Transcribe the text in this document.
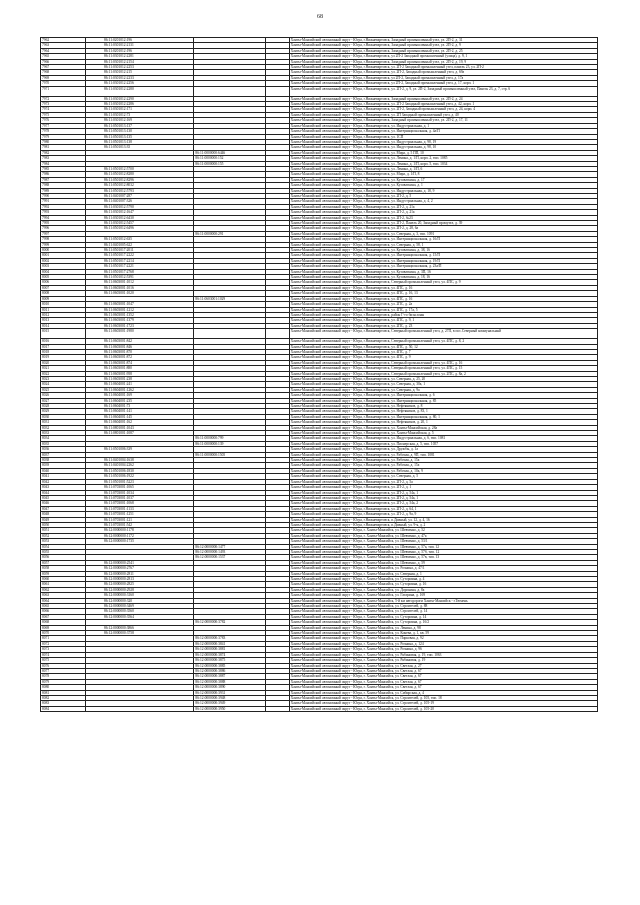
68
7962	86:11:0201012:196			Ханты-Мансийский автономный округ - Югра, г.Нижневартовск, Западный промышленный узел, ул. 2П-2, д. 31
7963	86:11:0301012:2131			Ханты-Мансийский автономный округ - Югра, г.Нижневартовск, Западный промышленный узел, ул. 2П-2, д. 9
7964	86:11:0201012:196			Ханты-Мансийский автономный округ - Югра, г.Нижневартовск, Западный промышленный узел, ул. 2П-2, д. 25
7965	86:11:0301012:2281			Ханты-Мансийский автономный округ - Югра, г.Нижневартовск, ул 2П-2 Западный промышленный (улица), д. 9, 1
7966	86:11:0301012:2154			Ханты-Мансийский автономный округ - Югра, г.Нижневартовск, Западный промышленный узел, ул. 2П-2, д. 19, 9
7967	86:11:0301012:2253			Ханты-Мансийский автономный округ - Югра, г.Нижневартовск, ул. 2П-2 Западный промышленный узел, панель 23, ул. 2П-2
7968	86:11:0301012:215			Ханты-Мансийский автономный округ - Югра, г.Нижневартовск, ул. 2П-2, Западный промышленный узел, д. 69а
7969	86:11:0301012:2233			Ханты-Мансийский автономный округ - Югра, г.Нижневартовск, ул 2П-2, Западный промышленный узел, д. 17а
7970	86:11:0301012:2256			Ханты-Мансийский автономный округ - Югра, г.Нижневартовск, ул 2П-2, Западный промышленный узел, д. 17, корп. 1
7971	86:11:0301012:2280			Ханты-Мансийский автономный округ - Югра, г.Нижневартовск, ул. 2П-2, д. 9, ул. 2П-2, Западный промышленный узел, Панель 23, д. 7, стр. 6
7972	86:11:0301012:2290			Ханты-Мансийский автономный округ - Югра, г.Нижневартовск, Западный промышленный узел, ул. 2П-2, д. 24
7973	86:11:0301012:2286			Ханты-Мансийский автономный округ - Югра, г.Нижневартовск, ул. 2П-2 Западный промышленный узел, д. 42, корп. 1
7974	86:11:0301012:171			Ханты-Мансийский автономный округ - Югра, г.Нижневартовск, ул. 2П-2, Западный промышленный узел, д. 24, корп. 4
7975	86:11:0301012:73			Ханты-Мансийский автономный округ - Югра, г.Нижневартовск, ул. 2П Западный промышленный узел, д. 40
7976	86:11:0301012:169			Ханты-Мансийский автономный округ - Югра, г.Нижневартовск, Западный промышленный узел, ул. 2П-2, д. 17, 11
7977	86:11:0501013:137			Ханты-Мансийский автономный округ - Югра, г.Нижневартовск, ул. Индустриальная, д. 1
7978	86:11:0501013:130			Ханты-Мансийский автономный округ - Югра, г.Нижневартовск, ул. Интернациональная, д. 4а/П
7979	86:11:0501013:135			Ханты-Мансийский автономный округ - Югра, г.Нижневартовск, ул. 1СП
7980	86:11:0501013:138			Ханты-Мансийский автономный округ - Югра, г.Нижневартовск, ул. Индустриальная, д. 98, 19
7981	86:11:0501013:35			Ханты-Мансийский автономный округ - Югра, г.Нижневартовск, ул. Индустриальная, д. 98, 10
7982		86:11:0000000:6446		Ханты-Мансийский автономный округ - Югра, г.Нижневартовск, ул. Мира, д. 5 ПП, 10
7983		86:11:0000000:152		Ханты-Мансийский автономный округ - Югра, г.Нижневартовск, ул. Ленина, д. 1/П, корп. 2, тип. 1085
7984		86:11:0000000:155		Ханты-Мансийский автономный округ - Югра, г.Нижневартовск, ул. Ленина, д. 1/П, корп. 5, тип. 1034
7985	86:11:0501012:5700			Ханты-Мансийский автономный округ - Югра, г.Нижневартовск, ул. Ленина, д. 1/П, 6
7986	86:11:0501012:8280			Ханты-Мансийский автономный округ - Югра, г.Нижневартовск, ул. Мира, д. 1/П, 8
7987	86:11:0501012:8296			Ханты-Мансийский автономный округ - Югра, г.Нижневартовск, ул. Кузоваткина, д. 17
7988	86:11:0501012:8032			Ханты-Мансийский автономный округ - Югра, г.Нижневартовск, ул. Кузоваткина, д. 1
7989	86:11:0501012:5793			Ханты-Мансийский автономный округ - Югра, г.Нижневартовск, ул. Индустриальная, д. 18, 9
7990	86:11:0401007:287			Ханты-Мансийский автономный округ - Югра, г.Нижневартовск, ул. 2П-2, д. 5
7991	86:11:0401007:326			Ханты-Мансийский автономный округ - Югра, г.Нижневартовск, ул. Индустриальная, д. 4, 2
7992	86:11:0301012:5790			Ханты-Мансийский автономный округ - Югра, г.Нижневартовск, ул. 2П-2, д. 21а
7993	86:11:0301012:1647			Ханты-Мансийский автономный округ - Югра, г.Нижневартовск, ул. 2П-2, д. 21а
7994	86:11:0301012:6430			Ханты-Мансийский автономный округ - Югра, г.Нижневартовск, ул. 2П-2, №23
7995	86:11:0301012:5457			Ханты-Мансийский автономный округ - Югра, г.Нижневартовск, ул. 2П-2, Панель 20, Западный промузел, д. 39
7996	86:11:0501012:6496			Ханты-Мансийский автономный округ - Югра, г.Нижневартовск, ул. 2П-2, д. 28, 6а
7997		86:11:0000000:291		Ханты-Мансийский автономный округ - Югра, г.Нижневартовск, ул. Северная, д. 3, тип. 1091
7998	86:11:0501012:635			Ханты-Мансийский автономный округ - Югра, г.Нижневартовск, ул. Интернациональная, д. 16/П
7999	86:11:0401005:622			Ханты-Мансийский автономный округ - Югра, г.Нижневартовск, ул. Северная, д. 58, 1
8000	86:11:0501017:2011			Ханты-Мансийский автономный округ - Югра, г.Нижневартовск, ул. Кузоваткина, д. 38, 16
8001	86:11:0501017:2222			Ханты-Мансийский автономный округ - Югра, г.Нижневартовск, ул. Интернациональная, д. 15/П
8002	86:11:0501017:2214			Ханты-Мансийский автономный округ - Югра, г.Нижневартовск, ул. Интернациональная, д. 19/П
8003	86:11:0501017:2221			Ханты-Мансийский автономный округ - Югра, г.Нижневартовск, ул. Интернациональная, д. 23а/П
8004	86:11:0501017:2768			Ханты-Мансийский автономный округ - Югра, г.Нижневартовск, ул. Кузоваткина, д. 3П, 16
8005	86:11:0501012:5391			Ханты-Мансийский автономный округ - Югра, г.Нижневартовск, ул. Кузоваткина, д. 18, 16
8006	86:11:0603001:1012			Ханты-Мансийский автономный округ - Югра, г.Нижневартовск, Северный промышленный узел, ул. 4ПС, д. 9
8007	86:11:0603001:1016			Ханты-Мансийский автономный округ - Югра, г.Нижневартовск, ул. 4ПС, д. 16
8008	86:11:0603001:1020			Ханты-Мансийский автономный округ - Югра, г.Нижневартовск, ул. 4ПС, д. 16, 13
8009		86:11:0603001:1029		Ханты-Мансийский автономный округ - Югра, г.Нижневартовск, ул. 4ПС, д. 16
8010	86:11:0603001:1047			Ханты-Мансийский автономный округ - Югра, г.Нижневартовск, ул. 2ПС, д. 2а
8011	86:11:0603001:1212			Ханты-Мансийский автономный округ - Югра, г.Нижневартовск, ул. 4ПС, д. 17а, 5
8012	86:11:0603001:1352			Ханты-Мансийский автономный округ - Югра, г.Нижневартовск, район Г-го бизн.зоны
8013	86:11:0603001:1379			Ханты-Мансийский автономный округ - Югра, г.Нижневартовск, ул. 4ПС, д. 9, 1
8014	86:11:0603001:1723			Ханты-Мансийский автономный округ - Югра, г.Нижневартовск, ул. 2ПС, д. 23
8015	86:11:0603001:1980			Ханты-Мансийский автономный округ - Югра, г.Нижневартовск, Северный промышленный узел, д. 27П, в пос.Северный коммунальный
8016	86:11:0603001:842			Ханты-Мансийский автономный округ - Югра, г.Нижневартовск, Северный промышленный узел, ул. 4ПС, д. 8, 2
8017	86:11:0603001:846			Ханты-Мансийский автономный округ - Югра, г.Нижневартовск, ул. 4ПС, д. 50, 12
8018	86:11:0603001:870			Ханты-Мансийский автономный округ - Югра, г.Нижневартовск, ул. 4ПС, д. 7
8019	86:11:0603001:872			Ханты-Мансийский автономный округ - Югра, г.Нижневартовск, ул. 4ПС, д. 9
8020	86:11:0603001:874			Ханты-Мансийский автономный округ - Югра, г.Нижневартовск, Северный промышленный узел, ул. 4ПС, д. 16
8021	86:11:0603001:880			Ханты-Мансийский автономный округ - Югра, г.Нижневартовск, Северный промышленный узел, ул. 4ПС, д. 15
8022	86:11:0603001:958			Ханты-Мансийский автономный округ - Югра, г.Нижневартовск, Северный промышленный узел, ул. 2ПС, д. 8а, 2
8023	86:11:0603001:238			Ханты-Мансийский автономный округ - Югра, г.Нижневартовск, ул. Северная, д. 25, 20
8024	86:11:0604001:241			Ханты-Мансийский автономный округ - Югра, г.Нижневартовск, ул. Северная, д. 30а, 1
8025	86:11:0604001:1262			Ханты-Мансийский автономный округ - Югра, г.Нижневартовск, ул. Северная, д. 9а
8026	86:11:0604001:169			Ханты-Мансийский автономный округ - Югра, г.Нижневартовск, ул. Интернациональная, д. 6
8027	86:11:0604001:235			Ханты-Мансийский автономный округ - Югра, г.Нижневартовск, ул. Интернациональная, д. 85
8028	86:11:0604001:73			Ханты-Мансийский автономный округ - Югра, г.Нижневартовск, ул. Нефтяников, д. 8
8029	86:11:0604001:141			Ханты-Мансийский автономный округ - Югра, г.Нижневартовск, ул. Нефтяников, д. 83, 1
8030	86:11:0604001:145			Ханты-Мансийский автономный округ - Югра, г.Нижневартовск, ул. Интернациональная, д. 80, 1
8031	86:11:0604001:162			Ханты-Мансийский автономный округ - Югра, г.Нижневартовск, ул. Нефтяников, д. 20, 1
8032	86:11:0801001:1043			Ханты-Мансийский автономный округ - Югра, г.Нижневартовск, ул. Ханты-Мансийская, д. 28а
8033	86:11:0801001:1087			Ханты-Мансийский автономный округ - Югра, г.Нижневартовск, ул. Ханты-Мансийская, д. 5
8034		86:11:0000000:799		Ханты-Мансийский автономный округ - Югра, г.Нижневартовск, ул. Индустриальная, д. 6, тип. 1081
8035		86:11:0000000:139		Ханты-Мансийский автономный округ - Югра, г.Нижневартовск, ул. Пионерская, д. 5, тип. 1057
8036	86:11:0501006:339			Ханты-Мансийский автономный округ - Югра, г.Нижневартовск, ул. Дружбы, д. 1а
8037		86:11:0000000:1505		Ханты-Мансийский автономный округ - Югра, г.Нижневартовск, ул. Рабочая, д. 9П, тип. 1081
8038	86:11:0401004:1638			Ханты-Мансийский автономный округ - Югра, г.Нижневартовск, ул. Рабочая, д. 15а
8039	86:11:0401004:2262			Ханты-Мансийский автономный округ - Югра, г.Нижневартовск, ул. Рабочая, д. 15а
8040	86:11:0501006:1830			Ханты-Мансийский автономный округ - Югра, г.Нижневартовск, ул. Рабочая, д. 10а, 9
8041	86:11:0501006:1922			Ханты-Мансийский автономный округ - Югра, г.Нижневартовск, ул. Северная, д. 5
8042	86:11:0501001:5223			Ханты-Мансийский автономный округ - Югра, г.Нижневартовск, ул. 2П-2, д. 5а
8043	86:11:0703001:1065			Ханты-Мансийский автономный округ - Югра, г.Нижневартовск, ул. 2П-2, д. 1
8044	86:11:0703001:1034			Ханты-Мансийский автономный округ - Югра, г.Нижневартовск, ул. 2П-2, д. 54а, 1
8045	86:11:0703001:1037			Ханты-Мансийский автономный округ - Югра, г.Нижневартовск, ул. 2П-2, д. 54а, 1
8046	86:11:0703001:1068			Ханты-Мансийский автономный округ - Югра, г.Нижневартовск, ул. 2П-2, д. 54а, 2
8047	86:11:0703001:1133			Ханты-Мансийский автономный округ - Югра, г.Нижневартовск, ул. 2П-2, д. 64, 1
8048	86:11:0703001:1251			Ханты-Мансийский автономный округ - Югра, г.Нижневартовск, ул. 2П-2, д. 9а, 9
8049	86:11:0703001:121			Ханты-Мансийский автономный округ - Югра, г.Нижневартовск, п.Дивный, ул. 12, д. 4, 16
8050	86:11:0703001:542			Ханты-Мансийский автономный округ - Югра, г.Нижневартовск, п.Дивный, ул. 9-я, д. 2
8051	86:12:0000000:1178			Ханты-Мансийский автономный округ - Югра, г. Ханты-Мансийск, ул. Шевченко, д. 52
8052	86:12:0000000:1172			Ханты-Мансийский автономный округ - Югра, г. Ханты-Мансийск, ул. Шевченко, д. 47а
8053	86:12:0000000:1735			Ханты-Мансийский автономный округ - Югра, г. Ханты-Мансийск, ул. Шевченко, д. 53/1
8054		86:12:0000000:1477		Ханты-Мансийский автономный округ - Югра, г. Ханты-Мансийск, ул. Шевченко, д. 57а, тип. 12
8055		86:12:0000000:1493		Ханты-Мансийский автономный округ - Югра, г. Ханты-Мансийск, ул. Шевченко, д. 57б, тип. 12
8056		86:12:0000000:1537		Ханты-Мансийский автономный округ - Югра, г. Ханты-Мансийск, ул. Шевченко, д. 57в, тип. 13
8057	86:12:0000000:2541			Ханты-Мансийский автономный округ - Югра, г. Ханты-Мансийск, ул. Шевченко, д. 59
8058	86:12:0000000:2767			Ханты-Мансийский автономный округ - Югра, г. Ханты-Мансийск, ул. Рознина, д. 47/1
8059	86:12:0000000:2811			Ханты-Мансийский автономный округ - Югра, г. Ханты-Мансийск, ул. Северная, д. 1
8060	86:12:0000000:2813			Ханты-Мансийский автономный округ - Югра, г. Ханты-Мансийск, ул. Сутормина, д. 4
8061	86:12:0000000:2825			Ханты-Мансийский автономный округ - Югра, г. Ханты-Мансийск, ул. Сутормина, д. 16
8062	86:12:0000000:2928			Ханты-Мансийский автономный округ - Югра, г. Ханты-Мансийск, ул. Доронина, д. 8а
8063	86:12:0000000:3160			Ханты-Мансийский автономный округ - Югра, г. Ханты-Мансийск, ул. Гагарина, д. 169
8064	86:12:0000000:320			Ханты-Мансийский автономный округ - Югра, г. Ханты-Мансийск, 5-й км автодороги Ханты-Мансийск - г.Тюмень
8065	86:12:0000000:3469			Ханты-Мансийский автономный округ - Югра, г. Ханты-Мансийск, ул. Строителей, д. 88
8066	86:12:0000000:3560			Ханты-Мансийский автономный округ - Югра, г. Ханты-Мансийск, ул. Строителей, д. 14
8067	86:12:0000000:3564			Ханты-Мансийский автономный округ - Югра, г. Ханты-Мансийск, ул. Сутормина, д. 14
8068		86:12:0000000:3782		Ханты-Мансийский автономный округ - Югра, г. Ханты-Мансийск, ул. Сутормина, д. 16/2
8069	86:12:0000000:3866			Ханты-Мансийский автономный округ - Югра, г. Ханты-Мансийск, ул. Ленина, д. 98
8070	86:12:0000000:3758			Ханты-Мансийский автономный округ - Югра, г. Ханты-Мансийск, ул. Конева, д. 1, кв. 59
8071		86:12:0000000:3783		Ханты-Мансийский автономный округ - Югра, г. Ханты-Мансийск, ул. Парковая, д. 92
8072		86:12:0000000:3841		Ханты-Мансийский автономный округ - Югра, г. Ханты-Мансийск, ул. Рознина, д. 124
8073		86:12:0000000:3881		Ханты-Мансийский автономный округ - Югра, г. Ханты-Мансийск, ул. Рознина, д. 96
8074		86:12:0000000:3874		Ханты-Мансийский автономный округ - Югра, г. Ханты-Мансийск, ул. Рябиновая, д. 19, тип. 1063
8075		86:12:0000000:3875		Ханты-Мансийский автономный округ - Югра, г. Ханты-Мансийск, ул. Рябиновая, д. 19
8076		86:12:0000000:3885		Ханты-Мансийский автономный округ - Югра, г. Ханты-Мансийск, ул. Светлая, д. 27
8077		86:12:0000000:3886		Ханты-Мансийский автономный округ - Югра, г. Ханты-Мансийск, ул. Светлая, д. 67
8078		86:12:0000000:3887		Ханты-Мансийский автономный округ - Югра, г. Ханты-Мансийск, ул. Светлая, д. 67
8079		86:12:0000000:3888		Ханты-Мансийский автономный округ - Югра, г. Ханты-Мансийск, ул. Светлая, д. 67
8080		86:12:0000000:3890		Ханты-Мансийский автономный округ - Югра, г. Ханты-Мансийск, ул. Светлая, д. 67
8081		86:12:0000000:3931		Ханты-Мансийский автономный округ - Югра, г. Ханты-Мансийск, ул. Сибирская, д. 4
8082		86:12:0000000:3948		Ханты-Мансийский автономный округ - Югра, г. Ханты-Мансийск, ул. Строителей, д. 105, тип. 18
8083		86:12:0000000:3949		Ханты-Мансийский автономный округ - Югра, г. Ханты-Мансийск, ул. Строителей, д. 105-19
8084		86:12:0000000:3950		Ханты-Мансийский автономный округ - Югра, г. Ханты-Мансийск, ул. Строителей, д. 105-20
